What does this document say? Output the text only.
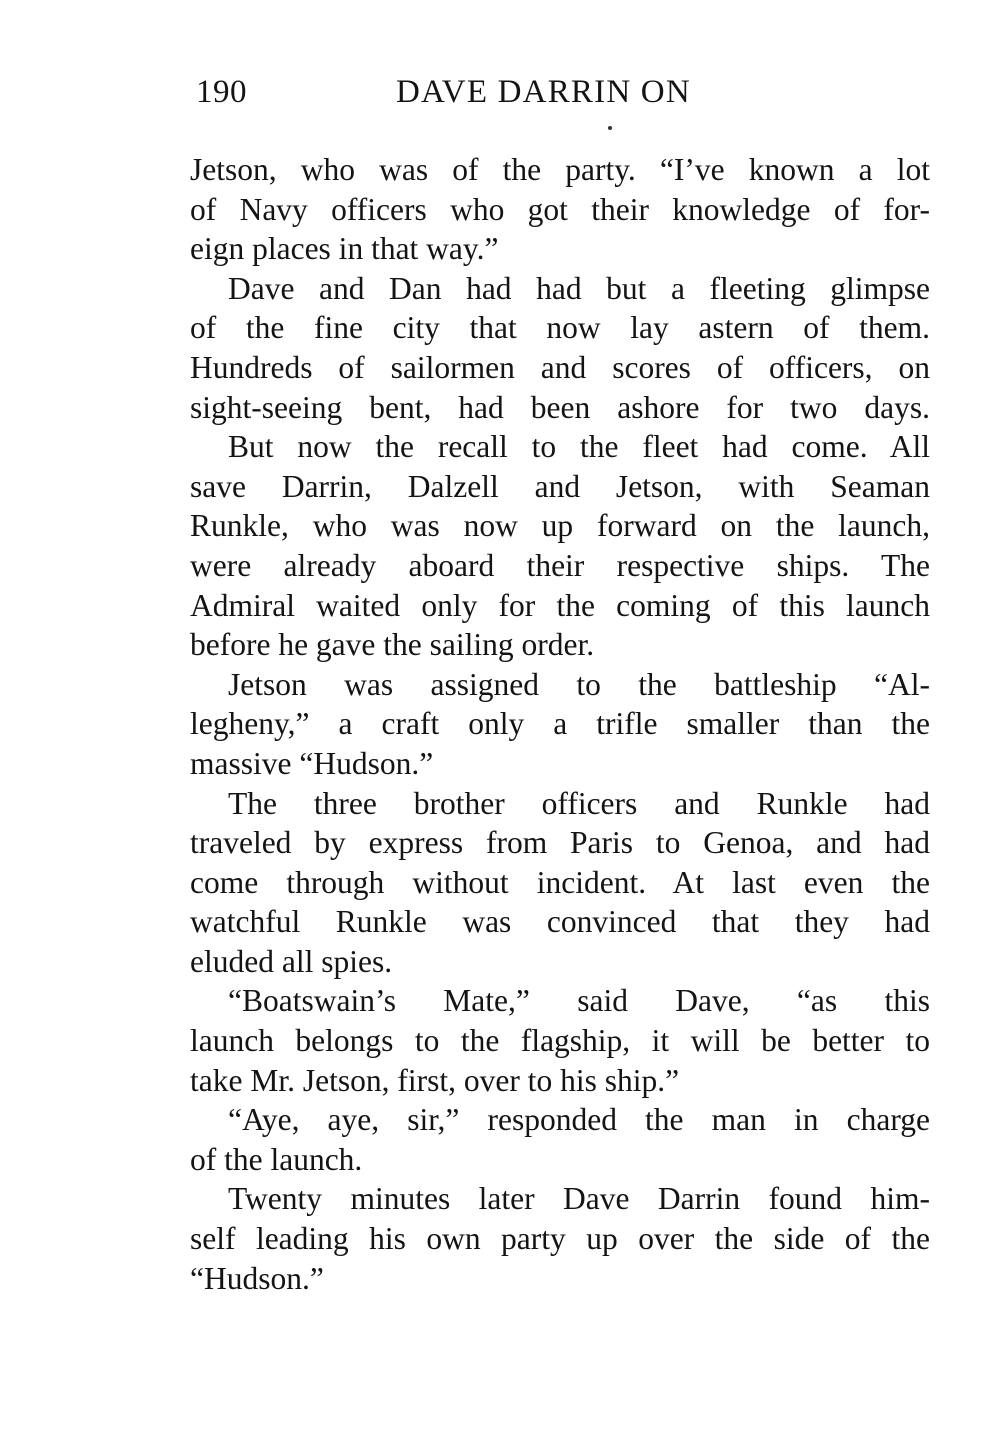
190	DAVE DARRIN ON
Jetson, who was of the party. “I’ve known a lot
of Navy officers who got their knowledge of for-
eign places in that way.”
Dave and Dan had had but a fleeting glimpse
of the fine city that now lay astern of them.
Hundreds of sailormen and scores of officers, on
sight-seeing bent, had been ashore for two days.
But now the recall to the fleet had come. All
save Darrin, Dalzell and Jetson, with Seaman
Runkle, who was now up forward on the launch,
were already aboard their respective ships. The
Admiral waited only for the coming of this launch
before he gave the sailing order.
Jetson was assigned to the battleship “Al-
legheny,” a craft only a trifle smaller than the
massive “Hudson.”
The three brother officers and Runkle had
traveled by express from Paris to Genoa, and had
come through without incident. At last even the
watchful Runkle was convinced that they had
eluded all spies.
“Boatswain’s Mate,” said Dave, “as this
launch belongs to the flagship, it will be better to
take Mr. Jetson, first, over to his ship.”
“Aye, aye, sir,” responded the man in charge
of the launch.
Twenty minutes later Dave Darrin found him-
self leading his own party up over the side of the
“Hudson.”
